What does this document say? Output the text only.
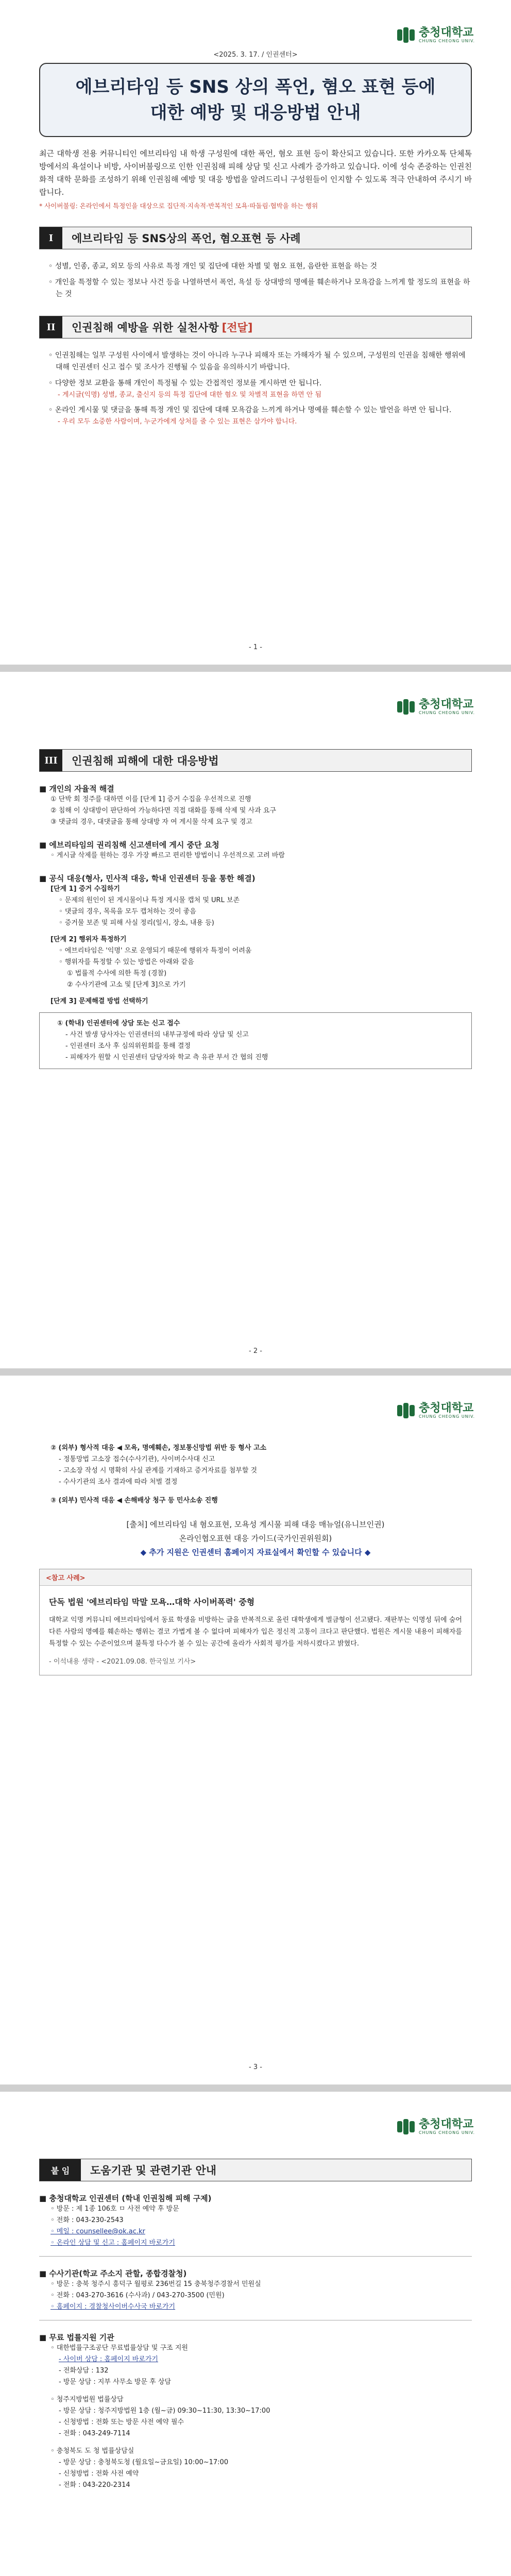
충청대학교
CHUNG CHEONG UNIV.
<2025. 3. 17. / 인권센터>
에브리타임 등 SNS 상의 폭언, 혐오 표현 등에
대한 예방 및 대응방법 안내
최근 대학생 전용 커뮤니티인 에브리타임 내 학생 구성원에 대한 폭언, 혐오 표현 등이 확산되고 있습니다. 또한 카카오톡 단체톡방에서의 욕설이나 비방, 사이버불링으로 인한 인권침해 피해 상담 및 신고 사례가 증가하고 있습니다. 이에 성숙 존중하는 인권친화적 대학 문화를 조성하기 위해 인권침해 예방 및 대응 방법을 알려드리니 구성원들이 인지할 수 있도록 적극 안내하여 주시기 바랍니다.
* 사이버불링: 온라인에서 특정인을 대상으로 집단적·지속적·반복적인 모욕·따돌림·협박을 하는 행위
I	에브리타임 등 SNS상의 폭언, 혐오표현 등 사례
◦ 성별, 인종, 종교, 외모 등의 사유로 특정 개인 및 집단에 대한 차별 및 혐오 표현, 음란한 표현을 하는 것
◦ 개인을 특정할 수 있는 정보나 사건 등을 나열하면서 폭언, 욕설 등 상대방의 명예를 훼손하거나 모욕감을 느끼게 할 정도의 표현을 하는 것
II	인권침해 예방을 위한 실천사항 [전달]
◦ 인권침해는 일부 구성원 사이에서 발생하는 것이 아니라 누구나 피해자 또는 가해자가 될 수 있으며, 구성원의 인권을 침해한 행위에 대해 인권센터 신고 접수 및 조사가 진행될 수 있음을 유의하시기 바랍니다.
◦ 다양한 정보 교환을 통해 개인이 특정될 수 있는 간접적인 정보를 게시하면 안 됩니다.
- 게시글(익명) 성별, 종교, 출신지 등의 특정 집단에 대한 혐오 및 차별적 표현을 하면 안 됨
◦ 온라인 게시물 및 댓글을 통해 특정 개인 및 집단에 대해 모욕감을 느끼게 하거나 명예를 훼손할 수 있는 발언을 하면 안 됩니다.
- 우리 모두 소중한 사람이며, 누군가에게 상처를 줄 수 있는 표현은 삼가야 합니다.
- 1 -
충청대학교
CHUNG CHEONG UNIV.
III	인권침해 피해에 대한 대응방법
■ 개인의 자율적 해결
① 단박 회 정주를 대하면 이를 [단계 1] 증거 수집을 우선적으로 진행
② 침해 이 상대방이 판단하여 가능하다면 직접 대화를 통해 삭제 및 사과 요구
③ 댓글의 경우, 대댓글을 통해 상대방 자 여 게시물 삭제 요구 및 경고
■ 에브리타임의 권리침해 신고센터에 게시 중단 요청
◦ 게시글 삭제를 원하는 경우 가장 빠르고 편리한 방법이니 우선적으로 고려 바람
■ 공식 대응(형사, 민사적 대응, 학내 인권센터 등을 통한 해결)
[단계 1] 증거 수집하기
◦ 문제의 원인이 된 게시물이나 특정 게시물 캡처 및 URL 보존
◦ 댓글의 경우, 목록을 모두 캡처하는 것이 좋음
◦ 증거물 보존 및 피해 사실 정리(일시, 장소, 내용 등)
[단계 2] 행위자 특정하기
◦ 에브리타임은 '익명' 으로 운영되기 때문에 행위자 특정이 어려움
◦ 행위자를 특정할 수 있는 방법은 아래와 같음
① 법률적 수사에 의한 특정 (경찰)
② 수사기관에 고소 및 [단계 3]으로 가기
[단계 3] 문제해결 방법 선택하기
① (학내) 인권센터에 상담 또는 신고 접수
- 사건 발생 당사자는 인권센터의 내부규정에 따라 상담 및 신고
- 인권센터 조사 후 심의위원회를 통해 결정
- 피해자가 원할 시 인권센터 담당자와 학교 측 유관 부서 간 협의 진행
- 2 -
충청대학교
CHUNG CHEONG UNIV.
② (외부) 형사적 대응 ◀ 모욕, 명예훼손, 정보통신망법 위반 등 형사 고소
- 정통망법 고소장 접수(수사기관), 사이버수사대 신고
- 고소장 작성 시 명확히 사실 관계를 기재하고 증거자료를 첨부할 것
- 수사기관의 조사 결과에 따라 처벌 결정
③ (외부) 민사적 대응 ◀ 손해배상 청구 등 민사소송 진행
[출처] 에브리타임 내 혐오표현, 모욕성 게시물 피해 대응 매뉴얼(유니브인권)
온라인협오표현 대응 가이드(국가인권위원회)
◆ 추가 지원은 인권센터 홈페이지 자료실에서 확인할 수 있습니다 ◆
<참고 사례>
단독 법원 '에브리타임 막말 모욕…대학 사이버폭력' 중형
대학교 익명 커뮤니티 에브리타임에서 동료 학생을 비방하는 글을 반복적으로 올린 대학생에게 벌금형이 선고됐다. 재판부는 익명성 뒤에 숨어 다른 사람의 명예를 훼손하는 행위는 결코 가볍게 볼 수 없다며 피해자가 입은 정신적 고통이 크다고 판단했다. 법원은 게시물 내용이 피해자를 특정할 수 있는 수준이었으며 불특정 다수가 볼 수 있는 공간에 올라가 사회적 평가를 저하시켰다고 밝혔다.
- 이석내용 생략 - <2021.09.08. 한국일보 기사>
- 3 -
충청대학교
CHUNG CHEONG UNIV.
붙 임	도움기관 및 관련기관 안내
■ 충청대학교 인권센터 (학내 인권침해 피해 구제)
◦ 방문 : 제 1종 106호 ㅁ 사전 예약 후 방문
◦ 전화 : 043-230-2543
◦ 메일 : counsellee@ok.ac.kr
◦ 온라인 상담 및 신고 : 홈페이지 바로가기
■ 수사기관(학교 주소지 관할, 종합경찰청)
◦ 방문 : 충북 청주시 흥덕구 월평로 236번길 15 충북청주경찰서 민원실
◦ 전화 : 043-270-3616 (수사과) / 043-270-3500 (민원)
◦ 홈페이지 : 경찰청사이버수사국 바로가기
■ 무료 법률지원 기관
◦ 대한법률구조공단 무료법률상담 및 구조 지원
- 사이버 상담 : 홈페이지 바로가기
- 전화상담 : 132
- 방문 상담 : 지부 사무소 방문 후 상담
◦ 청주지방법원 법률상담
- 방문 상담 : 청주지방법원 1층 (월~금) 09:30~11:30, 13:30~17:00
- 신청방법 : 전화 또는 방문 사전 예약 필수
- 전화 : 043-249-7114
◦ 충청북도 도 청 법률상담실
- 방문 상담 : 충청북도청 (월요일~금요일) 10:00~17:00
- 신청방법 : 전화 사전 예약
- 전화 : 043-220-2314
